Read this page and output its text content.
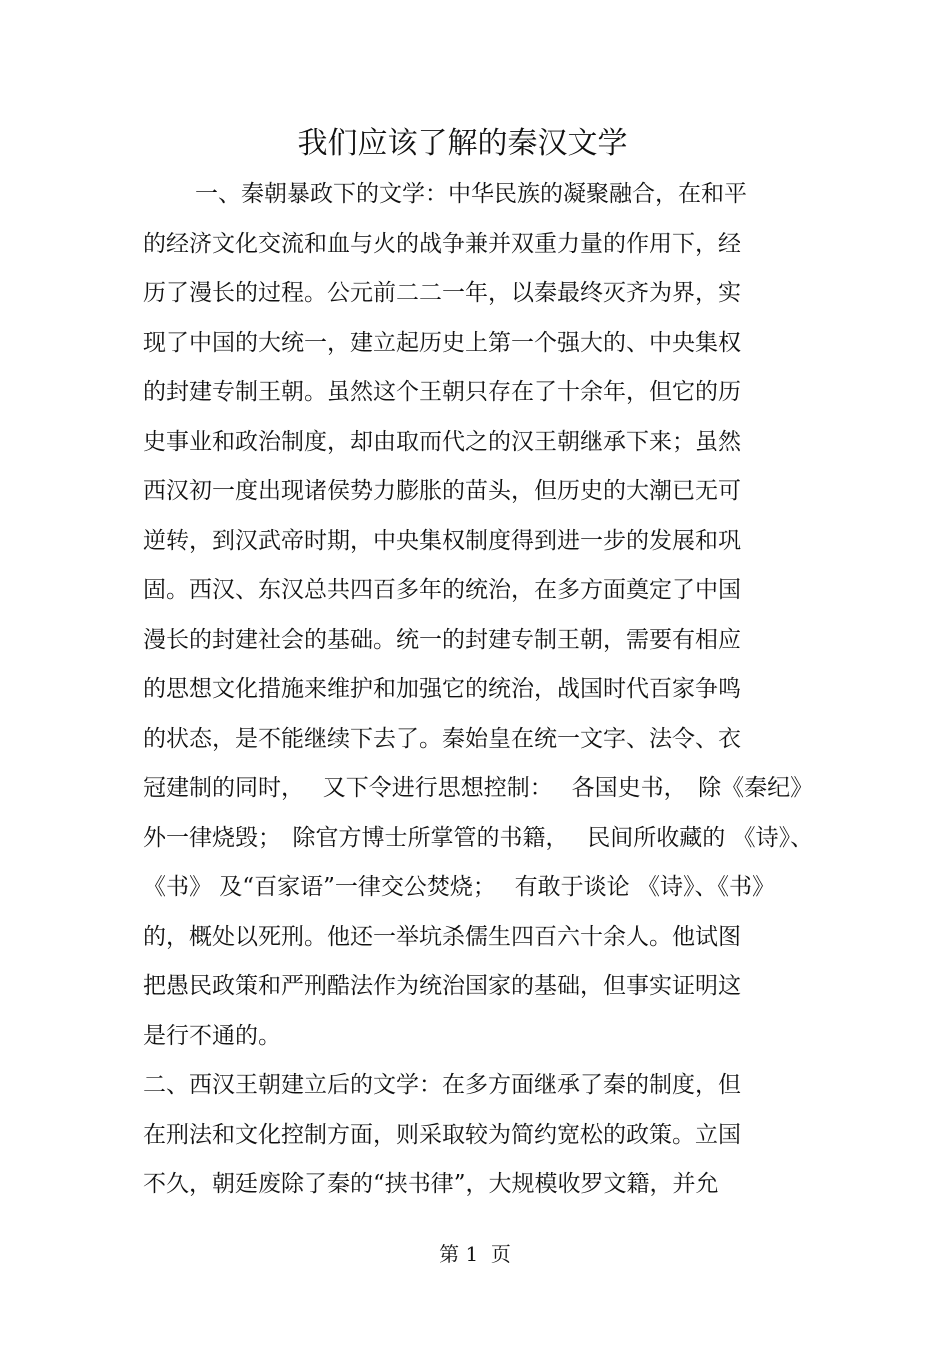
我们应该了解的秦汉文学
一、秦朝暴政下的文学：中华民族的凝聚融合，在和平
的经济文化交流和血与火的战争兼并双重力量的作用下，经
历了漫长的过程。公元前二二一年，以秦最终灭齐为界，实
现了中国的大统一，建立起历史上第一个强大的、中央集权
的封建专制王朝。虽然这个王朝只存在了十余年，但它的历
史事业和政治制度，却由取而代之的汉王朝继承下来；虽然
西汉初一度出现诸侯势力膨胀的苗头，但历史的大潮已无可
逆转，到汉武帝时期，中央集权制度得到进一步的发展和巩
固。西汉、东汉总共四百多年的统治，在多方面奠定了中国
漫长的封建社会的基础。统一的封建专制王朝，需要有相应
的思想文化措施来维护和加强它的统治，战国时代百家争鸣
的状态，是不能继续下去了。秦始皇在统一文字、法令、衣
冠建制的同时，　 又下令进行思想控制：　 各国史书，　除《秦纪》
外一律烧毁；　除官方博士所掌管的书籍，　 民间所收藏的 《诗》、
《书》 及“百家语”一律交公焚烧；　 有敢于谈论 《诗》、《书》
的，概处以死刑。他还一举坑杀儒生四百六十余人。他试图
把愚民政策和严刑酷法作为统治国家的基础，但事实证明这
是行不通的。
二、西汉王朝建立后的文学：在多方面继承了秦的制度，但
在刑法和文化控制方面，则采取较为简约宽松的政策。立国
不久，朝廷废除了秦的“挟书律”，大规模收罗文籍，并允
第 1  页
